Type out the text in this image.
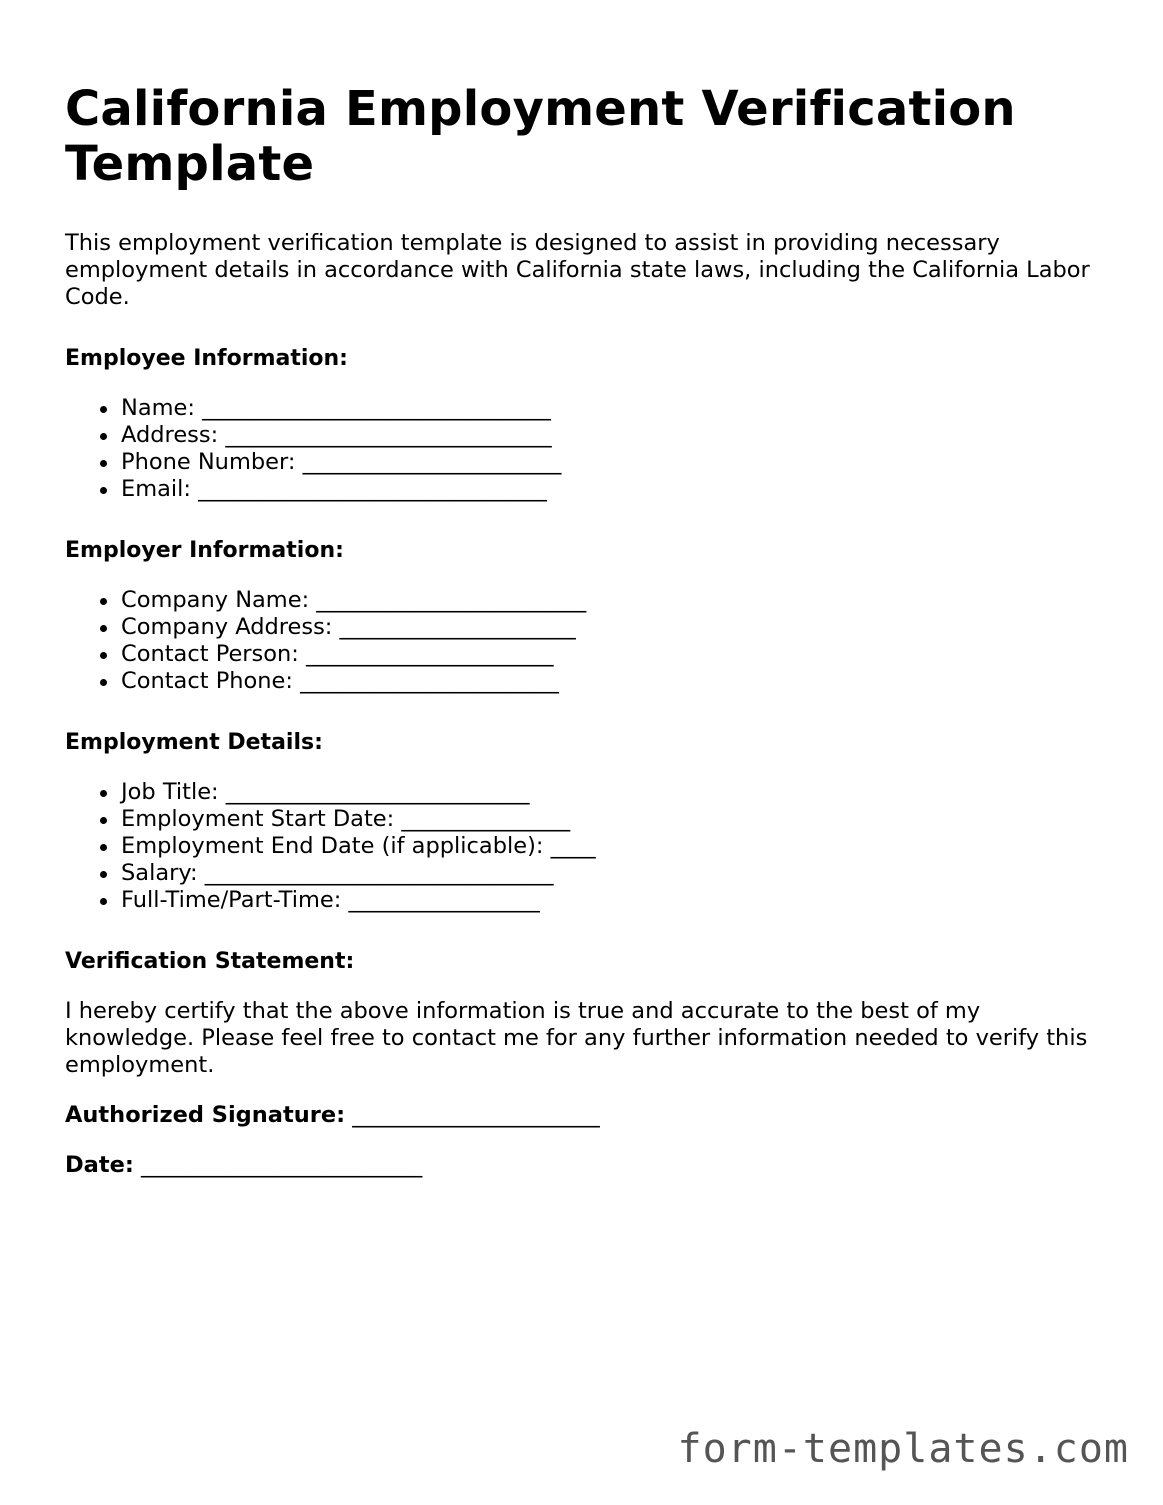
California Employment Verification Template

This employment verification template is designed to assist in providing necessary employment details in accordance with California state laws, including the California Labor Code.

Employee Information:
Name: _______________________________
Address: _____________________________
Phone Number: _______________________
Email: _______________________________
Employer Information:
Company Name: ________________________
Company Address: _____________________
Contact Person: ______________________
Contact Phone: _______________________
Employment Details:
Job Title: ___________________________
Employment Start Date: _______________
Employment End Date (if applicable): ____
Salary: _______________________________
Full-Time/Part-Time: _________________
Verification Statement:

I hereby certify that the above information is true and accurate to the best of my knowledge. Please feel free to contact me for any further information needed to verify this employment.

Authorized Signature: ______________________
Date: _________________________
form-templates.com
